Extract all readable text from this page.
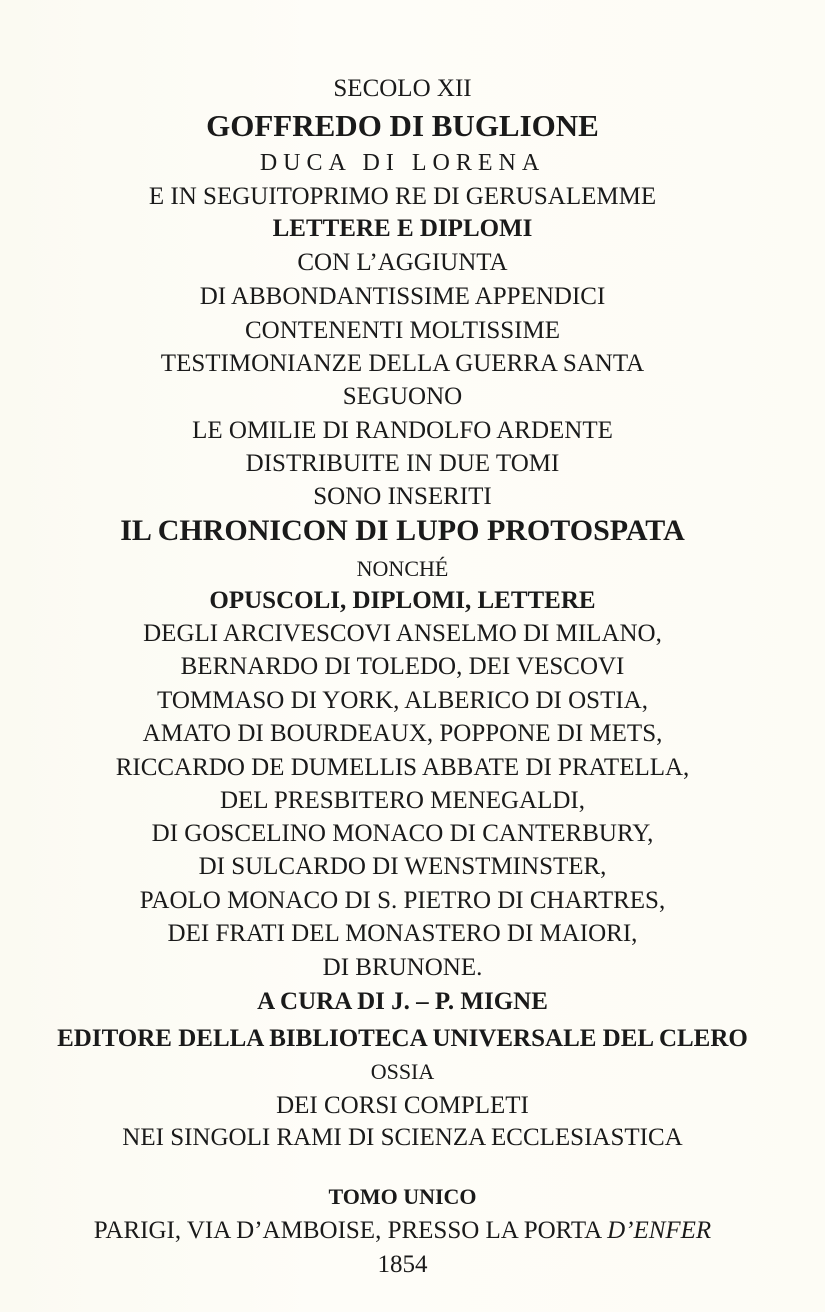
SECOLO XII
GOFFREDO DI BUGLIONE
DUCA DI LORENA
E IN SEGUITOPRIMO RE DI GERUSALEMME
LETTERE E DIPLOMI
CON L’AGGIUNTA
DI ABBONDANTISSIME APPENDICI
CONTENENTI MOLTISSIME
TESTIMONIANZE DELLA GUERRA SANTA
SEGUONO
LE OMILIE DI RANDOLFO ARDENTE
DISTRIBUITE IN DUE TOMI
SONO INSERITI
IL CHRONICON DI LUPO PROTOSPATA
NONCHÉ
OPUSCOLI, DIPLOMI, LETTERE
DEGLI ARCIVESCOVI ANSELMO DI MILANO,
BERNARDO DI TOLEDO, DEI VESCOVI
TOMMASO DI YORK, ALBERICO DI OSTIA,
AMATO DI BOURDEAUX, POPPONE DI METS,
RICCARDO DE DUMELLIS ABBATE DI PRATELLA,
DEL PRESBITERO MENEGALDI,
DI GOSCELINO MONACO DI CANTERBURY,
DI SULCARDO DI WENSTMINSTER,
PAOLO MONACO DI S. PIETRO DI CHARTRES,
DEI FRATI DEL MONASTERO DI MAIORI,
DI BRUNONE.
A CURA DI J. – P. MIGNE
EDITORE DELLA BIBLIOTECA UNIVERSALE DEL CLERO
OSSIA
DEI CORSI COMPLETI
NEI SINGOLI RAMI DI SCIENZA ECCLESIASTICA
TOMO UNICO
PARIGI, VIA D’AMBOISE, PRESSO LA PORTA D’ENFER
1854
